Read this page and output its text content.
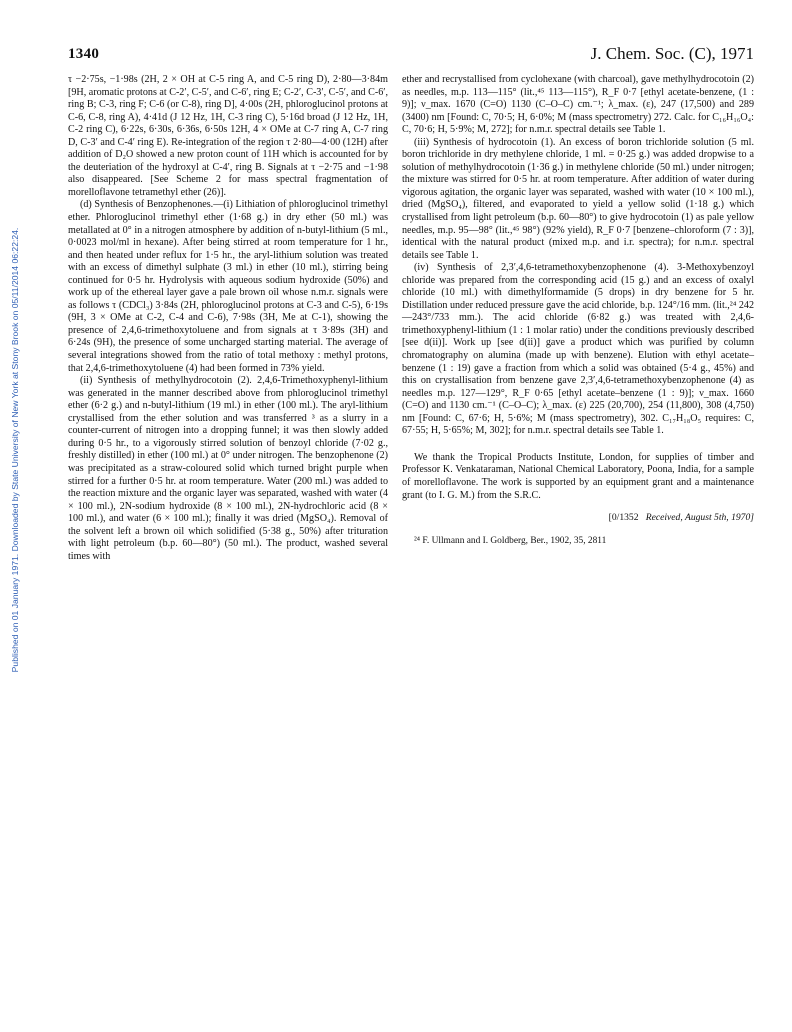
1340	J. Chem. Soc. (C), 1971
Published on 01 January 1971. Downloaded by State University of New York at Stony Brook on 05/11/2014 06:22:24.

τ −2·75s, −1·98s (2H, 2 × OH at C-5 ring A, and C-5 ring D), 2·80—3·84m [9H, aromatic protons at C-2′, C-5′, and C-6′, ring E; C-2′, C-3′, C-5′, and C-6′, ring B; C-3, ring F; C-6 (or C-8), ring D], 4·00s (2H, phloroglucinol protons at C-6, C-8, ring A), 4·41d (J 12 Hz, 1H, C-3 ring C), 5·16d broad (J 12 Hz, 1H, C-2 ring C), 6·22s, 6·30s, 6·36s, 6·50s 12H, 4 × OMe at C-7 ring A, C-7 ring D, C-3′ and C-4′ ring E). Re-integration of the region τ 2·80—4·00 (12H) after addition of D₂O showed a new proton count of 11H which is accounted for by the deuteriation of the hydroxyl at C-4′, ring B. Signals at τ −2·75 and −1·98 also disappeared. [See Scheme 2 for mass spectral fragmentation of morelloflavone tetramethyl ether (26)].

(d) Synthesis of Benzophenones.—(i) Lithiation of phloroglucinol trimethyl ether. Phloroglucinol trimethyl ether (1·68 g.) in dry ether (50 ml.) was metallated at 0° in a nitrogen atmosphere by addition of n-butyl-lithium (5 ml., 0·0023 mol/ml in hexane). After being stirred at room temperature for 1 hr., and then heated under reflux for 1·5 hr., the aryl-lithium solution was treated with an excess of dimethyl sulphate (3 ml.) in ether (10 ml.), stirring being continued for 0·5 hr. Hydrolysis with aqueous sodium hydroxide (50%) and work up of the ethereal layer gave a pale brown oil whose n.m.r. signals were as follows τ (CDCl₃) 3·84s (2H, phloroglucinol protons at C-3 and C-5), 6·19s (9H, 3 × OMe at C-2, C-4 and C-6), 7·98s (3H, Me at C-1), showing the presence of 2,4,6-trimethoxytoluene and from signals at τ 3·89s (3H) and 6·24s (9H), the presence of some uncharged starting material. The average of several integrations showed from the ratio of total methoxy : methyl protons, that 2,4,6-trimethoxytoluene (4) had been formed in 73% yield.

(ii) Synthesis of methylhydrocotoin (2). 2,4,6-Trimethoxyphenyl-lithium was generated in the manner described above from phloroglucinol trimethyl ether (6·2 g.) and n-butyl-lithium (19 ml.) in ether (100 ml.). The aryl-lithium crystallised from the ether solution and was transferred ³ as a slurry in a counter-current of nitrogen into a dropping funnel; it was then slowly added during 0·5 hr., to a vigorously stirred solution of benzoyl chloride (7·02 g., freshly distilled) in ether (100 ml.) at 0° under nitrogen. The benzophenone (2) was precipitated as a straw-coloured solid which turned bright purple when stirred for a further 0·5 hr. at room temperature. Water (200 ml.) was added to the reaction mixture and the organic layer was separated, washed with water (4 × 100 ml.), 2N-sodium hydroxide (8 × 100 ml.), 2N-hydrochloric acid (8 × 100 ml.), and water (6 × 100 ml.); finally it was dried (MgSO₄). Removal of the solvent left a brown oil which solidified (5·38 g., 50%) after trituration with light petroleum (b.p. 60—80°) (50 ml.). The product, washed several times with

ether and recrystallised from cyclohexane (with charcoal), gave methylhydrocotoin (2) as needles, m.p. 113—115° (lit.,⁴⁵ 113—115°), R_F 0·7 [ethyl acetate-benzene, (1 : 9)]; ν_max. 1670 (C=O) 1130 (C–O–C) cm.⁻¹; λ_max. (ε), 247 (17,500) and 289 (3400) nm [Found: C, 70·5; H, 6·0%; M (mass spectrometry) 272. Calc. for C₁₆H₁₆O₄: C, 70·6; H, 5·9%; M, 272]; for n.m.r. spectral details see Table 1.

(iii) Synthesis of hydrocotoin (1). An excess of boron trichloride solution (5 ml. boron trichloride in dry methylene chloride, 1 ml. = 0·25 g.) was added dropwise to a solution of methylhydrocotoin (1·36 g.) in methylene chloride (50 ml.) under nitrogen; the mixture was stirred for 0·5 hr. at room temperature. After addition of water during vigorous agitation, the organic layer was separated, washed with water (10 × 100 ml.), dried (MgSO₄), filtered, and evaporated to yield a yellow solid (1·18 g.) which crystallised from light petroleum (b.p. 60—80°) to give hydrocotoin (1) as pale yellow needles, m.p. 95—98° (lit.,⁴⁵ 98°) (92% yield), R_F 0·7 [benzene–chloroform (7 : 3)], identical with the natural product (mixed m.p. and i.r. spectra); for n.m.r. spectral details see Table 1.

(iv) Synthesis of 2,3′,4,6-tetramethoxybenzophenone (4). 3-Methoxybenzoyl chloride was prepared from the corresponding acid (15 g.) and an excess of oxalyl chloride (10 ml.) with dimethylformamide (5 drops) in dry benzene for 5 hr. Distillation under reduced pressure gave the acid chloride, b.p. 124°/16 mm. (lit.,²⁴ 242—243°/733 mm.). The acid chloride (6·82 g.) was treated with 2,4,6-trimethoxyphenyl-lithium (1 : 1 molar ratio) under the conditions previously described [see d(ii)]. Work up [see d(ii)] gave a product which was purified by column chromatography on alumina (made up with benzene). Elution with ethyl acetate–benzene (1 : 19) gave a fraction from which a solid was obtained (5·4 g., 45%) and this on crystallisation from benzene gave 2,3′,4,6-tetramethoxybenzophenone (4) as needles m.p. 127—129°, R_F 0·65 [ethyl acetate–benzene (1 : 9)]; ν_max. 1660 (C=O) and 1130 cm.⁻¹ (C–O–C); λ_max. (ε) 225 (20,700), 254 (11,800), 308 (4,750) nm [Found: C, 67·6; H, 5·6%; M (mass spectrometry), 302. C₁₇H₁₈O₅ requires: C, 67·55; H, 5·65%; M, 302]; for n.m.r. spectral details see Table 1.

We thank the Tropical Products Institute, London, for supplies of timber and Professor K. Venkataraman, National Chemical Laboratory, Poona, India, for a sample of morelloflavone. The work is supported by an equipment grant and a maintenance grant (to I. G. M.) from the S.R.C.

[0/1352 Received, August 5th, 1970]

²⁴ F. Ullmann and I. Goldberg, Ber., 1902, 35, 2811
